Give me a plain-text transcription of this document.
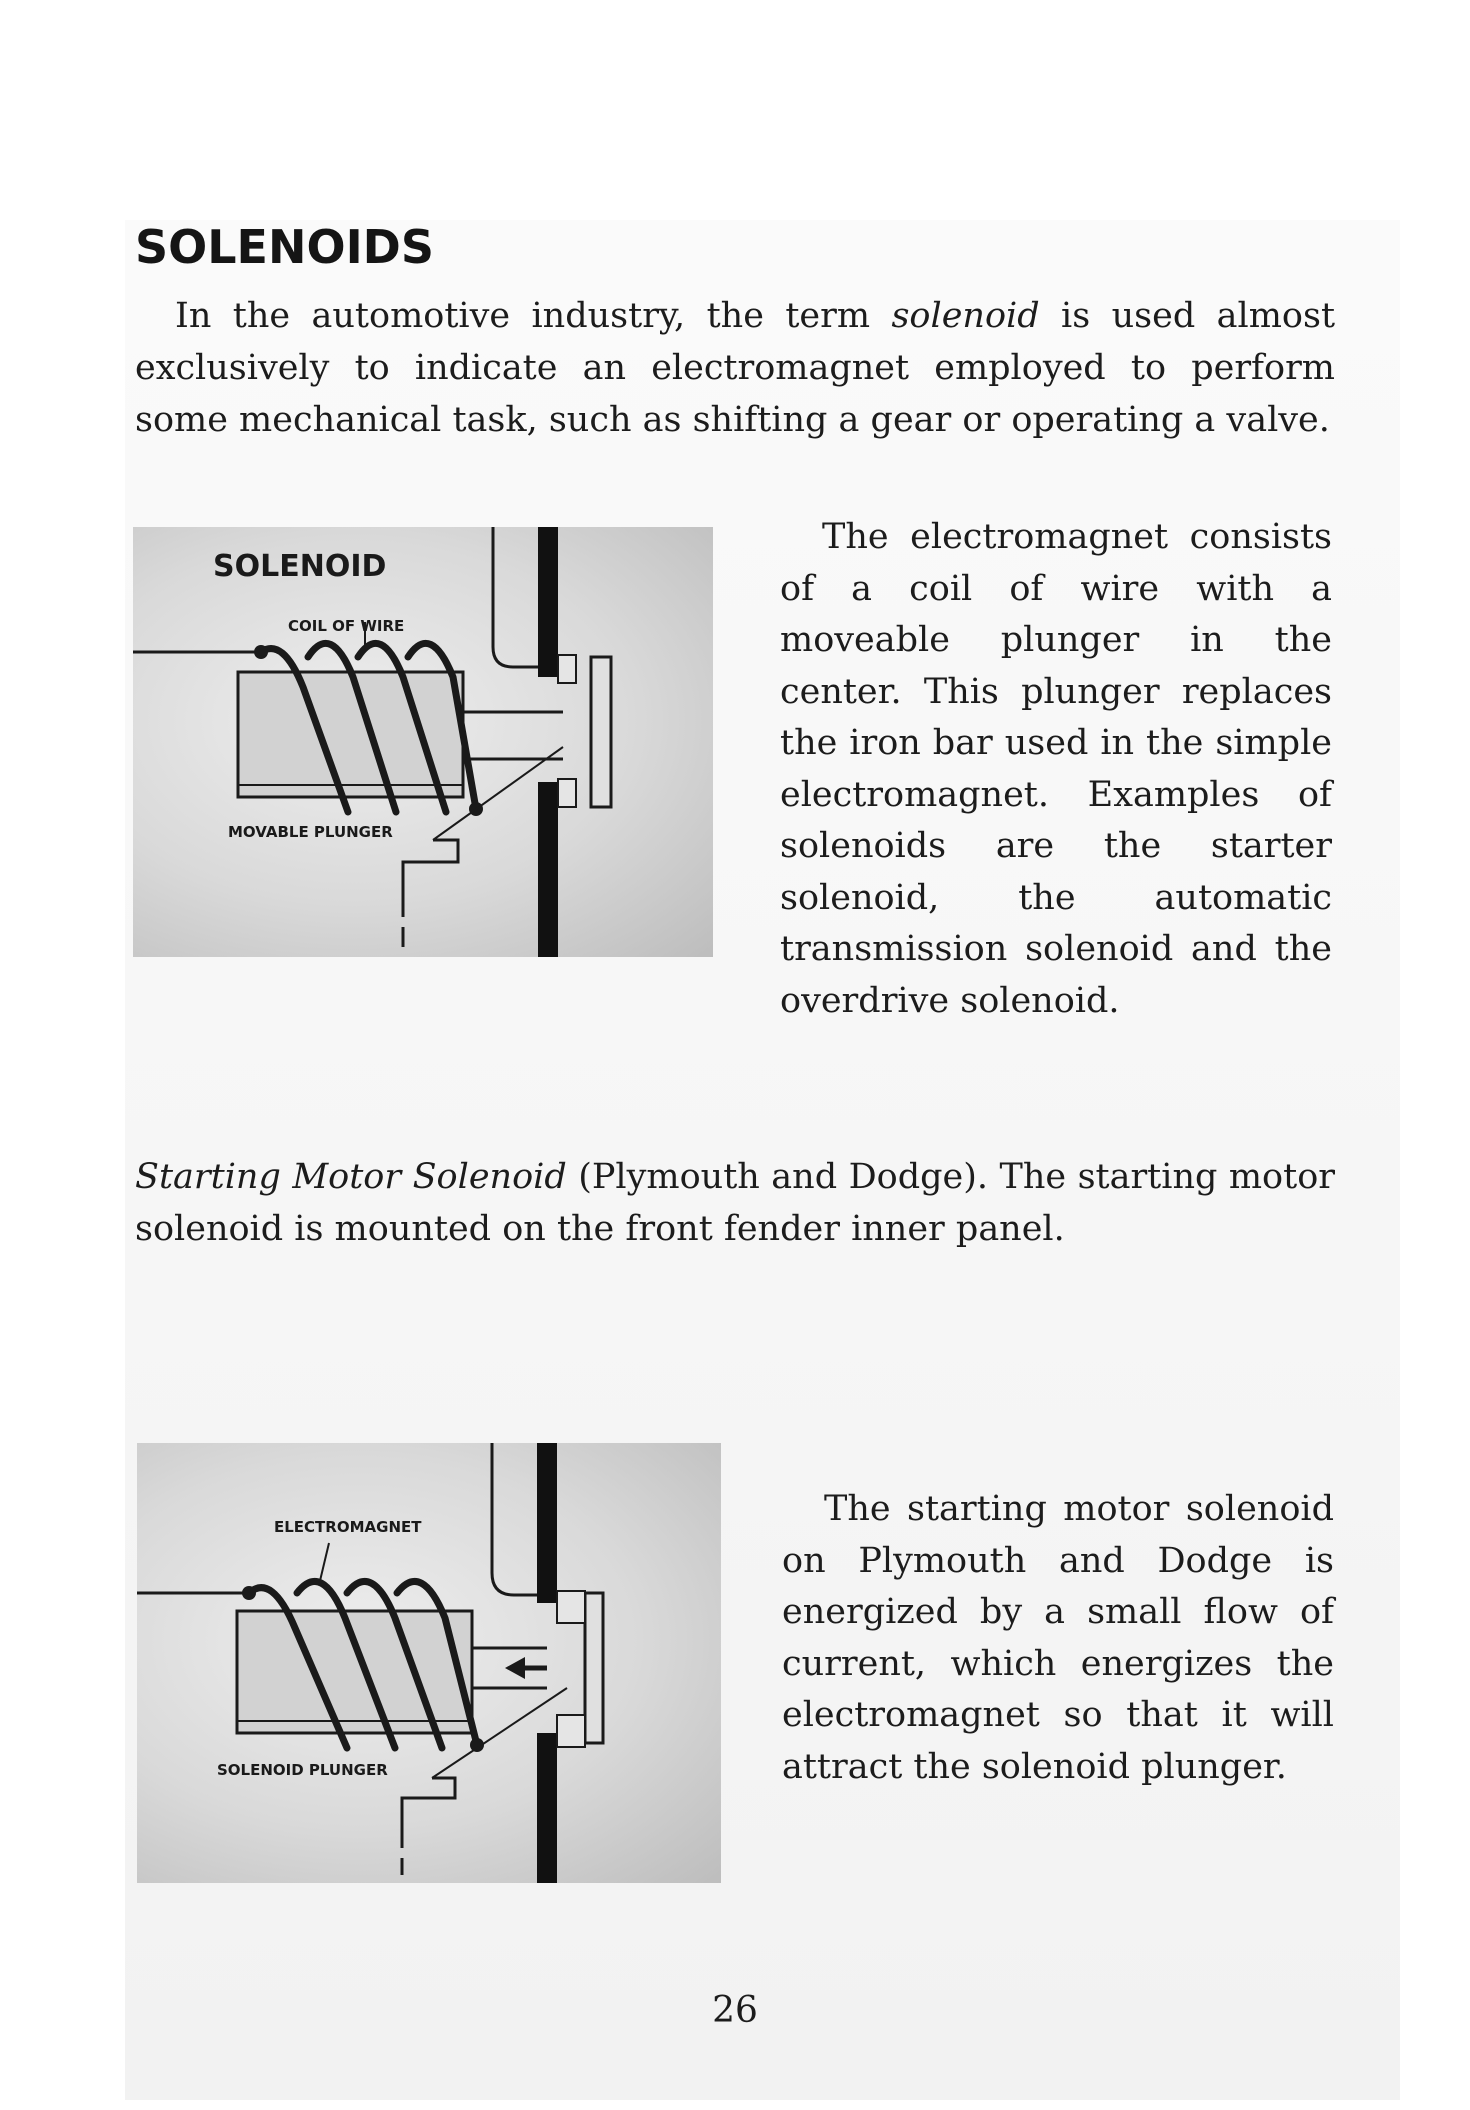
SOLENOIDS

In the automotive industry, the term solenoid is used almost exclusively to indicate an electromagnet employed to perform some mechanical task, such as shifting a gear or operating a valve.

SOLENOID
COIL OF WIRE
MOVABLE PLUNGER

The electromagnet consists of a coil of wire with a moveable plunger in the center. This plunger replaces the iron bar used in the simple electromagnet. Examples of solenoids are the starter solenoid, the automatic transmission solenoid and the overdrive solenoid.

Starting Motor Solenoid (Plymouth and Dodge). The starting motor solenoid is mounted on the front fender inner panel.

ELECTROMAGNET
SOLENOID PLUNGER

The starting motor solenoid on Plymouth and Dodge is energized by a small flow of current, which energizes the electromagnet so that it will attract the solenoid plunger.

26
